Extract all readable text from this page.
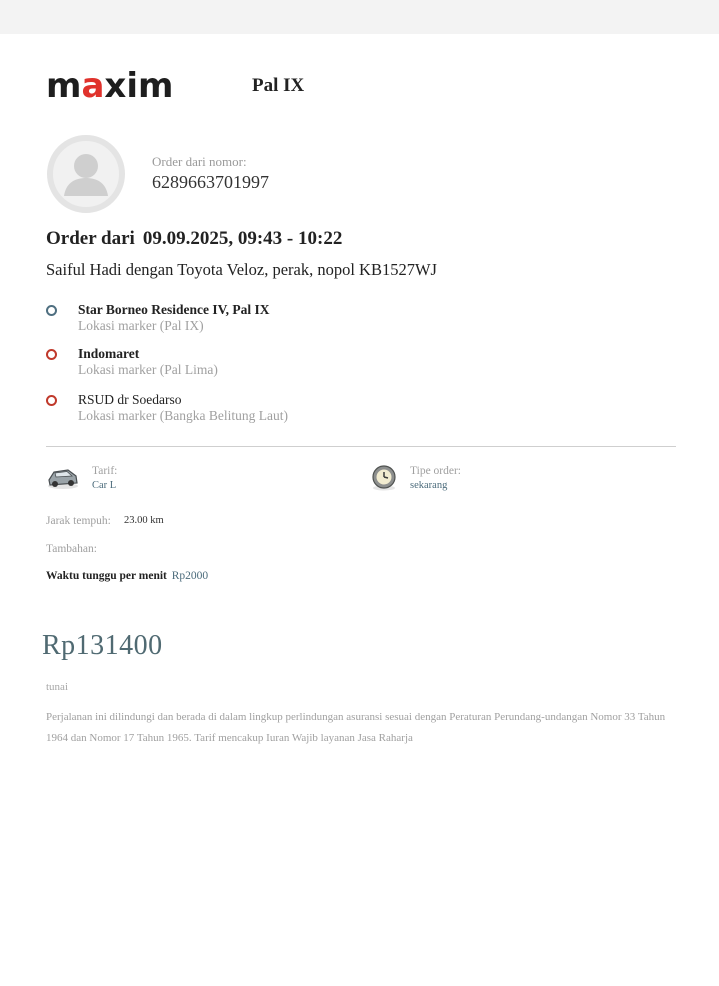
maxim	Pal IX
Order dari nomor:
6289663701997
Order dari 09.09.2025, 09:43 - 10:22
Saiful Hadi dengan Toyota Veloz, perak, nopol KB1527WJ
Star Borneo Residence IV, Pal IX
Lokasi marker (Pal IX)
Indomaret
Lokasi marker (Pal Lima)
RSUD dr Soedarso
Lokasi marker (Bangka Belitung Laut)
Tarif:
Car L
Tipe order:
sekarang
Jarak tempuh: 23.00 km
Tambahan:
Waktu tunggu per menit Rp2000
Rp131400
tunai
Perjalanan ini dilindungi dan berada di dalam lingkup perlindungan asuransi sesuai dengan Peraturan Perundang-undangan Nomor 33 Tahun 1964 dan Nomor 17 Tahun 1965. Tarif mencakup Iuran Wajib layanan Jasa Raharja
